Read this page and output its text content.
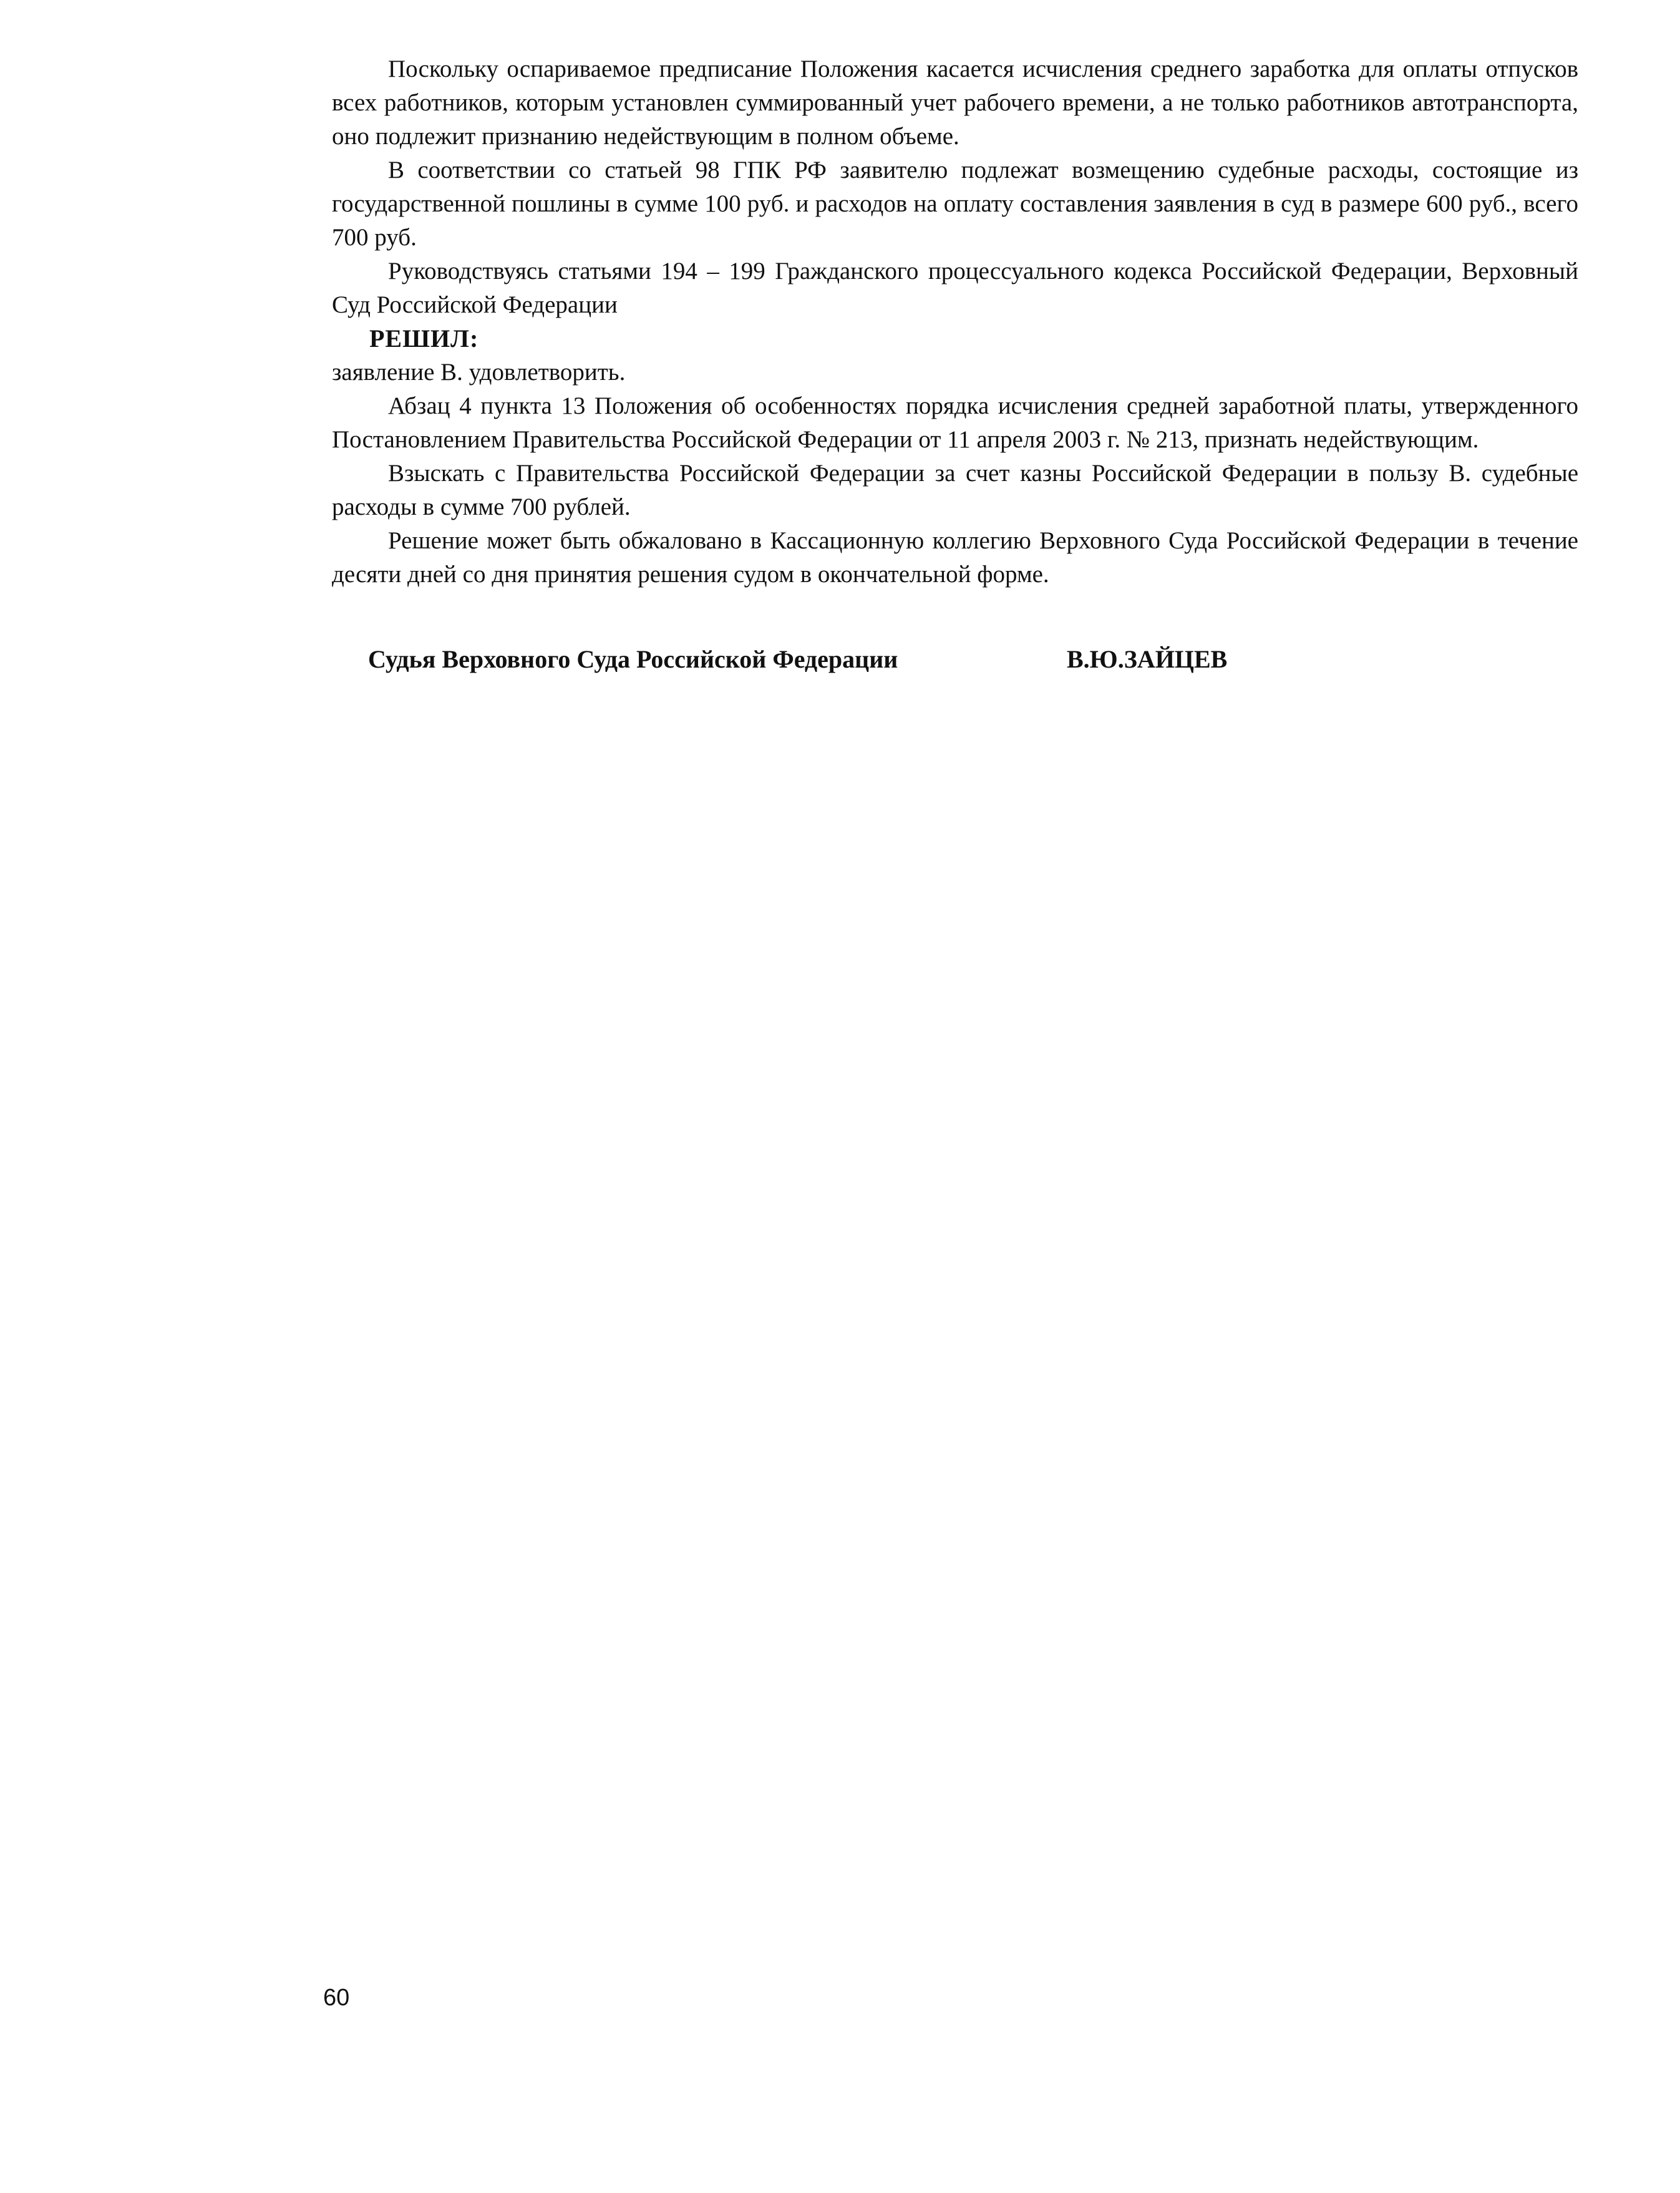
Поскольку оспариваемое предписание Положения касается исчисления среднего заработка для оплаты отпусков всех работников, которым установлен суммированный учет рабочего времени, а не только работников автотранспорта, оно подлежит признанию недействующим в полном объеме.

В соответствии со статьей 98 ГПК РФ заявителю подлежат возмещению судебные расходы, состоящие из государственной пошлины в сумме 100 руб. и расходов на оплату составления заявления в суд в размере 600 руб., всего 700 руб.

Руководствуясь статьями 194 – 199 Гражданского процессуального кодекса Российской Федерации, Верховный Суд Российской Федерации

РЕШИЛ:

заявление В. удовлетворить.

Абзац 4 пункта 13 Положения об особенностях порядка исчисления средней заработной платы, утвержденного Постановлением Правительства Российской Федерации от 11 апреля 2003 г. № 213, признать недействующим.

Взыскать с Правительства Российской Федерации за счет казны Российской Федерации в пользу В. судебные расходы в сумме 700 рублей.

Решение может быть обжаловано в Кассационную коллегию Верховного Суда Российской Федерации в течение десяти дней со дня принятия решения судом в окончательной форме.

Судья Верховного Суда Российской Федерации	В.Ю.ЗАЙЦЕВ
60
